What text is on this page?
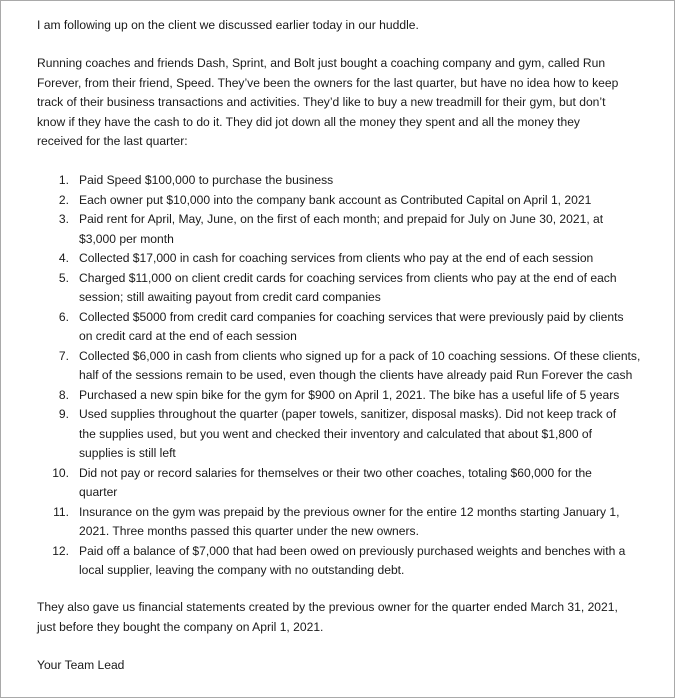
I am following up on the client we discussed earlier today in our huddle.

Running coaches and friends Dash, Sprint, and Bolt just bought a coaching company and gym, called Run
Forever, from their friend, Speed. They’ve been the owners for the last quarter, but have no idea how to keep
track of their business transactions and activities. They’d like to buy a new treadmill for their gym, but don’t
know if they have the cash to do it. They did jot down all the money they spent and all the money they
received for the last quarter:

1. Paid Speed $100,000 to purchase the business
2. Each owner put $10,000 into the company bank account as Contributed Capital on April 1, 2021
3. Paid rent for April, May, June, on the first of each month; and prepaid for July on June 30, 2021, at
$3,000 per month
4. Collected $17,000 in cash for coaching services from clients who pay at the end of each session
5. Charged $11,000 on client credit cards for coaching services from clients who pay at the end of each
session; still awaiting payout from credit card companies
6. Collected $5000 from credit card companies for coaching services that were previously paid by clients
on credit card at the end of each session
7. Collected $6,000 in cash from clients who signed up for a pack of 10 coaching sessions. Of these clients,
half of the sessions remain to be used, even though the clients have already paid Run Forever the cash
8. Purchased a new spin bike for the gym for $900 on April 1, 2021. The bike has a useful life of 5 years
9. Used supplies throughout the quarter (paper towels, sanitizer, disposal masks). Did not keep track of
the supplies used, but you went and checked their inventory and calculated that about $1,800 of
supplies is still left
10. Did not pay or record salaries for themselves or their two other coaches, totaling $60,000 for the
quarter
11. Insurance on the gym was prepaid by the previous owner for the entire 12 months starting January 1,
2021. Three months passed this quarter under the new owners.
12. Paid off a balance of $7,000 that had been owed on previously purchased weights and benches with a
local supplier, leaving the company with no outstanding debt.

They also gave us financial statements created by the previous owner for the quarter ended March 31, 2021,
just before they bought the company on April 1, 2021.

Your Team Lead
